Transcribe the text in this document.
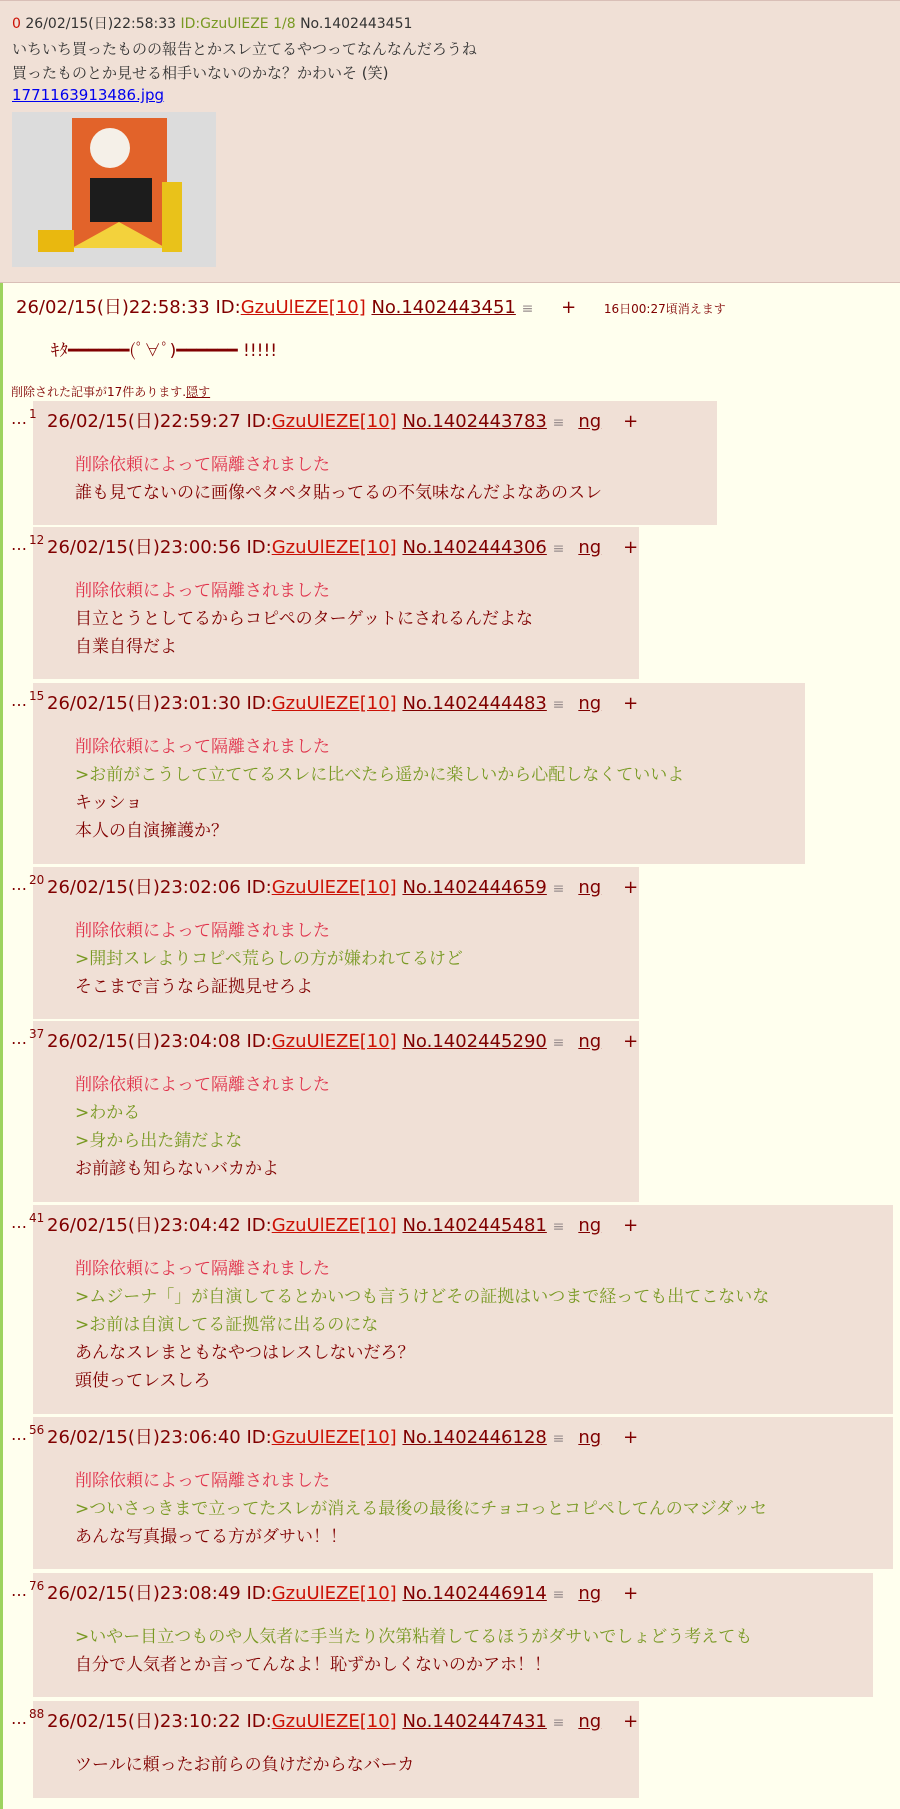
0 26/02/15(日)22:58:33 ID:GzuUlEZE 1/8 No.1402443451
いちいち買ったものの報告とかスレ立てるやつってなんなんだろうね
買ったものとか見せる相手いないのかな？かわいそ (笑)
1771163913486.jpg
26/02/15(日)22:58:33 ID:GzuUlEZE[10] No.1402443451 ≡ + 16日00:27頃消えます
ｷﾀ━━━━━━(ﾟ∀ﾟ)━━━━━━ !!!!!
削除された記事が17件あります.隠す
26/02/15(日)22:59:27 ID:GzuUlEZE[10] No.1402443783 ≡ ng +
削除依頼によって隔離されました
誰も見てないのに画像ペタペタ貼ってるの不気味なんだよなあのスレ
26/02/15(日)23:00:56 ID:GzuUlEZE[10] No.1402444306 ≡ ng +
削除依頼によって隔離されました
目立とうとしてるからコピペのターゲットにされるんだよな
自業自得だよ
26/02/15(日)23:01:30 ID:GzuUlEZE[10] No.1402444483 ≡ ng +
削除依頼によって隔離されました
>お前がこうして立ててるスレに比べたら遥かに楽しいから心配しなくていいよ
キッショ
本人の自演擁護か？
26/02/15(日)23:02:06 ID:GzuUlEZE[10] No.1402444659 ≡ ng +
削除依頼によって隔離されました
>開封スレよりコピペ荒らしの方が嫌われてるけど
そこまで言うなら証拠見せろよ
26/02/15(日)23:04:08 ID:GzuUlEZE[10] No.1402445290 ≡ ng +
削除依頼によって隔離されました
>わかる
>身から出た錆だよな
お前諺も知らないバカかよ
26/02/15(日)23:04:42 ID:GzuUlEZE[10] No.1402445481 ≡ ng +
削除依頼によって隔離されました
>ムジーナ「」が自演してるとかいつも言うけどその証拠はいつまで経っても出てこないな
>お前は自演してる証拠常に出るのにな
あんなスレまともなやつはレスしないだろ？
頭使ってレスしろ
26/02/15(日)23:06:40 ID:GzuUlEZE[10] No.1402446128 ≡ ng +
削除依頼によって隔離されました
>ついさっきまで立ってたスレが消える最後の最後にチョコっとコピペしてんのマジダッセ
あんな写真撮ってる方がダサい！！
26/02/15(日)23:08:49 ID:GzuUlEZE[10] No.1402446914 ≡ ng +
>いやー目立つものや人気者に手当たり次第粘着してるほうがダサいでしょどう考えても
自分で人気者とか言ってんなよ！恥ずかしくないのかアホ！！
26/02/15(日)23:10:22 ID:GzuUlEZE[10] No.1402447431 ≡ ng +
ツールに頼ったお前らの負けだからなバーカ
… $^1$
… $^{12}$
… $^{15}$
… $^{20}$
… $^{37}$
… $^{41}$
… $^{56}$
… $^{76}$
… $^{88}$
